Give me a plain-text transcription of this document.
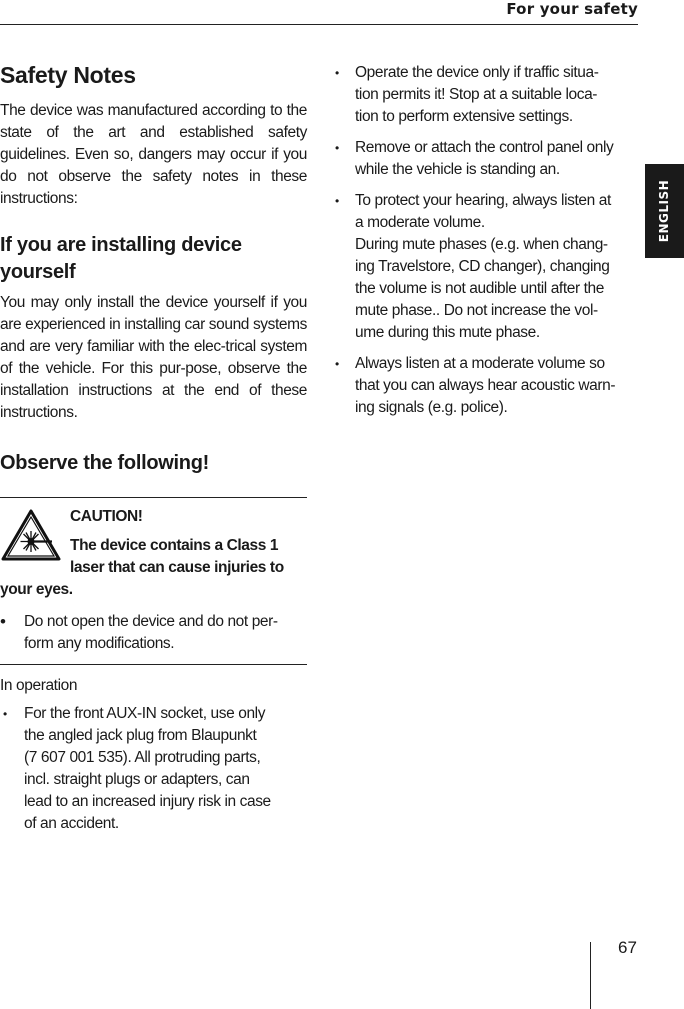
For your safety
ENGLISH
Safety Notes

The device was manufactured according to the state of the art and established safety guidelines. Even so, dangers may occur if you do not observe the safety notes in these instructions:

If you are installing device
yourself

You may only install the device yourself if you are experienced in installing car sound systems and are very familiar with the elec-trical system of the vehicle. For this pur-pose, observe the installation instructions at the end of these instructions.

Observe the following!

CAUTION!

The device contains a Class 1 laser that can cause injuries to your eyes.

• Do not open the device and do not per-form any modifications.

In operation

• For the front AUX-IN socket, use only
the angled jack plug from Blaupunkt
(7 607 001 535). All protruding parts,
incl. straight plugs or adapters, can
lead to an increased injury risk in case
of an accident.
• Operate the device only if traffic situa-
tion permits it! Stop at a suitable loca-
tion to perform extensive settings.
• Remove or attach the control panel only
while the vehicle is standing an.
• To protect your hearing, always listen at
a moderate volume.
During mute phases (e.g. when chang-
ing Travelstore, CD changer), changing
the volume is not audible until after the
mute phase.. Do not increase the vol-
ume during this mute phase.
• Always listen at a moderate volume so
that you can always hear acoustic warn-
ing signals (e.g. police).
67
